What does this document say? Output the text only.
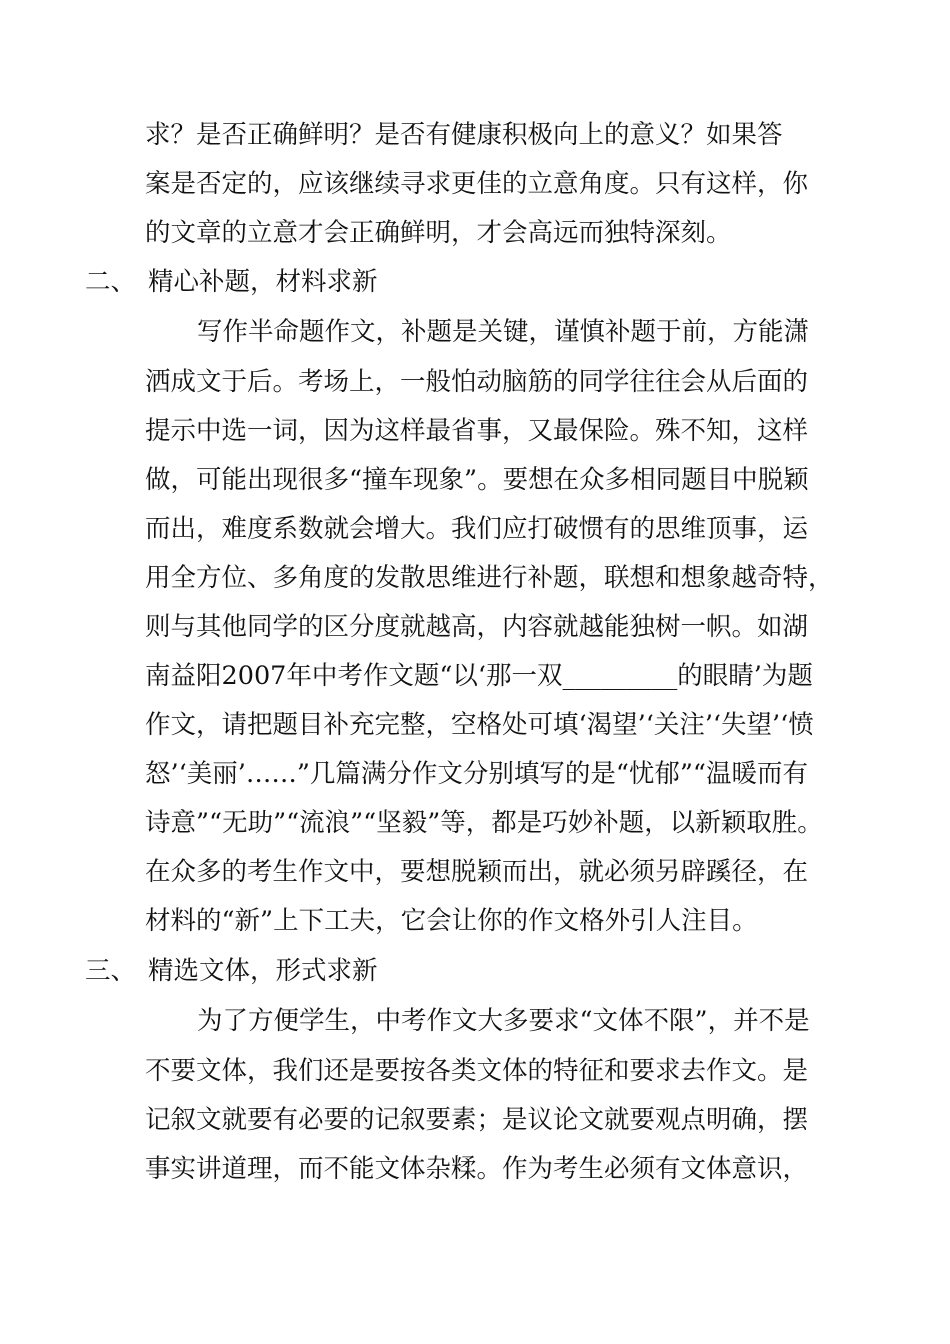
求？是否正确鲜明？是否有健康积极向上的意义？如果答
案是否定的，应该继续寻求更佳的立意角度。只有这样，你
的文章的立意才会正确鲜明，才会高远而独特深刻。
二、 精心补题，材料求新
写作半命题作文，补题是关键，谨慎补题于前，方能潇
洒成文于后。考场上，一般怕动脑筋的同学往往会从后面的
提示中选一词，因为这样最省事，又最保险。殊不知，这样
做，可能出现很多“撞车现象”。要想在众多相同题目中脱颖
而出，难度系数就会增大。我们应打破惯有的思维顶事，运
用全方位、多角度的发散思维进行补题，联想和想象越奇特，
则与其他同学的区分度就越高，内容就越能独树一帜。如湖
南益阳2007年中考作文题“以‘那一双_________的眼睛’为题
作文，请把题目补充完整，空格处可填‘渴望’‘关注’‘失望’‘愤
怒’‘美丽’……”几篇满分作文分别填写的是“忧郁”“温暖而有
诗意”“无助”“流浪”“坚毅”等，都是巧妙补题，以新颖取胜。
在众多的考生作文中，要想脱颖而出，就必须另辟蹊径，在
材料的“新”上下工夫，它会让你的作文格外引人注目。
三、 精选文体，形式求新
为了方便学生，中考作文大多要求“文体不限”，并不是
不要文体，我们还是要按各类文体的特征和要求去作文。是
记叙文就要有必要的记叙要素；是议论文就要观点明确，摆
事实讲道理，而不能文体杂糅。作为考生必须有文体意识，
